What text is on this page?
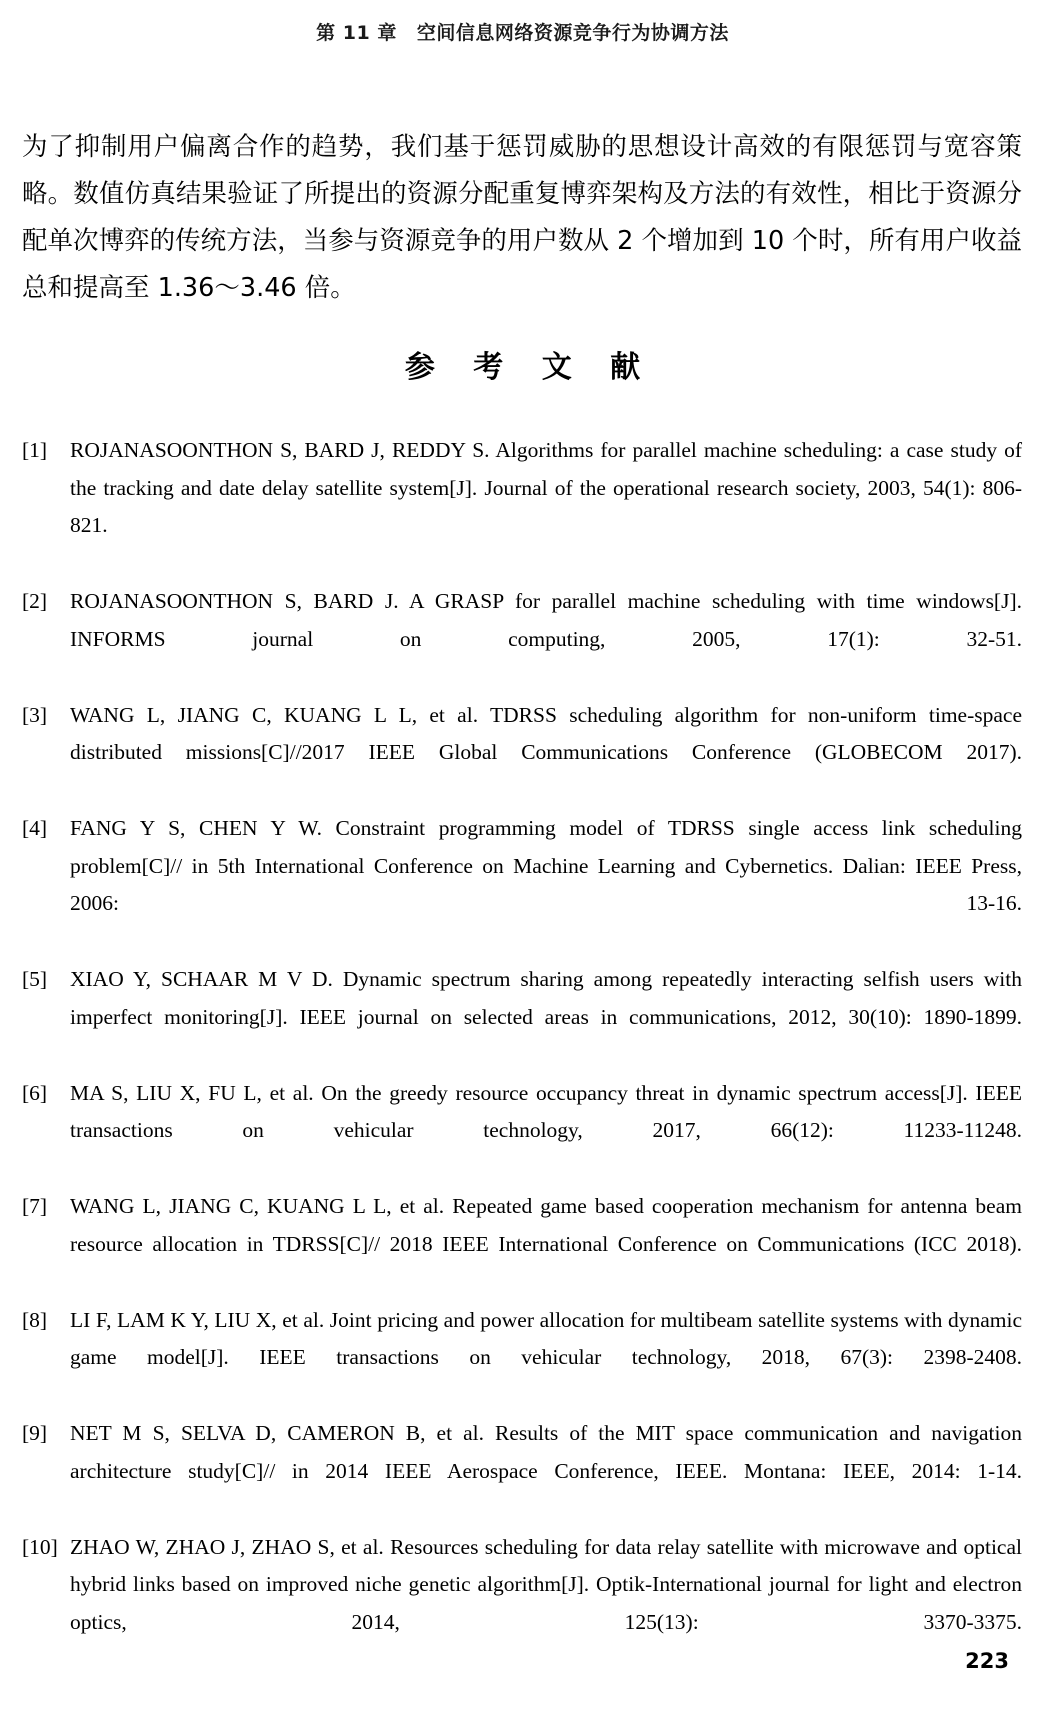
第 11 章 空间信息网络资源竞争行为协调方法
为了抑制用户偏离合作的趋势，我们基于惩罚威胁的思想设计高效的有限惩罚与宽容策略。数值仿真结果验证了所提出的资源分配重复博弈架构及方法的有效性，相比于资源分配单次博弈的传统方法，当参与资源竞争的用户数从 2 个增加到 10 个时，所有用户收益总和提高至 1.36～3.46 倍。
参 考 文 献
[1]	ROJANASOONTHON S, BARD J, REDDY S. Algorithms for parallel machine scheduling: a case study of the tracking and date delay satellite system[J]. Journal of the operational research society, 2003, 54(1): 806-821.
[2]	ROJANASOONTHON S, BARD J. A GRASP for parallel machine scheduling with time windows[J]. INFORMS journal on computing, 2005, 17(1): 32-51.
[3]	WANG L, JIANG C, KUANG L L, et al. TDRSS scheduling algorithm for non-uniform time-space distributed missions[C]//2017 IEEE Global Communications Conference (GLOBECOM 2017).
[4]	FANG Y S, CHEN Y W. Constraint programming model of TDRSS single access link scheduling problem[C]// in 5th International Conference on Machine Learning and Cybernetics. Dalian: IEEE Press, 2006: 13-16.
[5]	XIAO Y, SCHAAR M V D. Dynamic spectrum sharing among repeatedly interacting selfish users with imperfect monitoring[J]. IEEE journal on selected areas in communications, 2012, 30(10): 1890-1899.
[6]	MA S, LIU X, FU L, et al. On the greedy resource occupancy threat in dynamic spectrum access[J]. IEEE transactions on vehicular technology, 2017, 66(12): 11233-11248.
[7]	WANG L, JIANG C, KUANG L L, et al. Repeated game based cooperation mechanism for antenna beam resource allocation in TDRSS[C]// 2018 IEEE International Conference on Communications (ICC 2018).
[8]	LI F, LAM K Y, LIU X, et al. Joint pricing and power allocation for multibeam satellite systems with dynamic game model[J]. IEEE transactions on vehicular technology, 2018, 67(3): 2398-2408.
[9]	NET M S, SELVA D, CAMERON B, et al. Results of the MIT space communication and navigation architecture study[C]// in 2014 IEEE Aerospace Conference, IEEE. Montana: IEEE, 2014: 1-14.
[10] ZHAO W, ZHAO J, ZHAO S, et al. Resources scheduling for data relay satellite with microwave and optical hybrid links based on improved niche genetic algorithm[J]. Optik-International journal for light and electron optics, 2014, 125(13): 3370-3375.
223
